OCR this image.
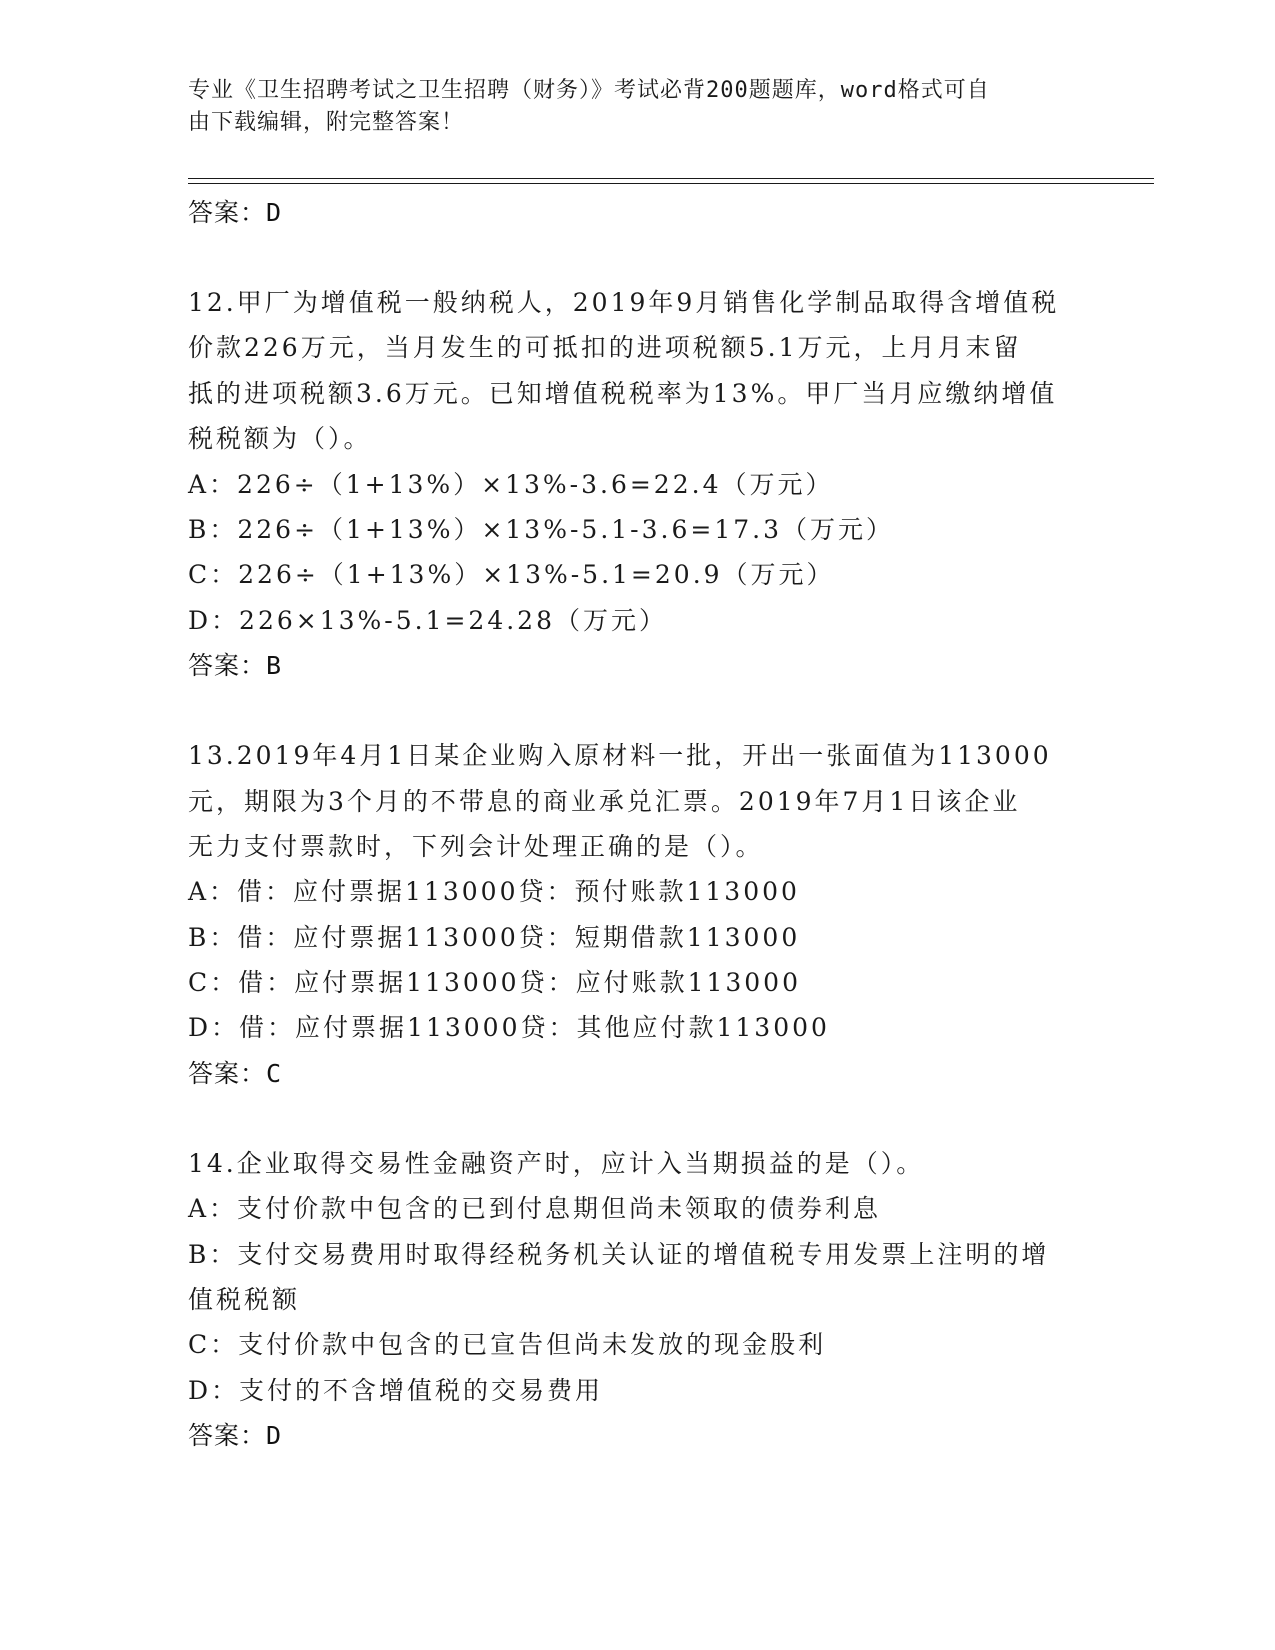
专业《卫生招聘考试之卫生招聘（财务）》考试必背200题题库，word格式可自
由下载编辑，附完整答案！
答案：D
12.甲厂为增值税一般纳税人，2019年9月销售化学制品取得含增值税
价款226万元，当月发生的可抵扣的进项税额5.1万元，上月月末留
抵的进项税额3.6万元。已知增值税税率为13%。甲厂当月应缴纳增值
税税额为（）。
A：226÷（1+13%）×13%-3.6=22.4（万元）
B：226÷（1+13%）×13%-5.1-3.6=17.3（万元）
C：226÷（1+13%）×13%-5.1=20.9（万元）
D：226×13%-5.1=24.28（万元）
答案：B
13.2019年4月1日某企业购入原材料一批，开出一张面值为113000
元，期限为3个月的不带息的商业承兑汇票。2019年7月1日该企业
无力支付票款时，下列会计处理正确的是（）。
A：借：应付票据113000贷：预付账款113000
B：借：应付票据113000贷：短期借款113000
C：借：应付票据113000贷：应付账款113000
D：借：应付票据113000贷：其他应付款113000
答案：C
14.企业取得交易性金融资产时，应计入当期损益的是（）。
A：支付价款中包含的已到付息期但尚未领取的债券利息
B：支付交易费用时取得经税务机关认证的增值税专用发票上注明的增
值税税额
C：支付价款中包含的已宣告但尚未发放的现金股利
D：支付的不含增值税的交易费用
答案：D
